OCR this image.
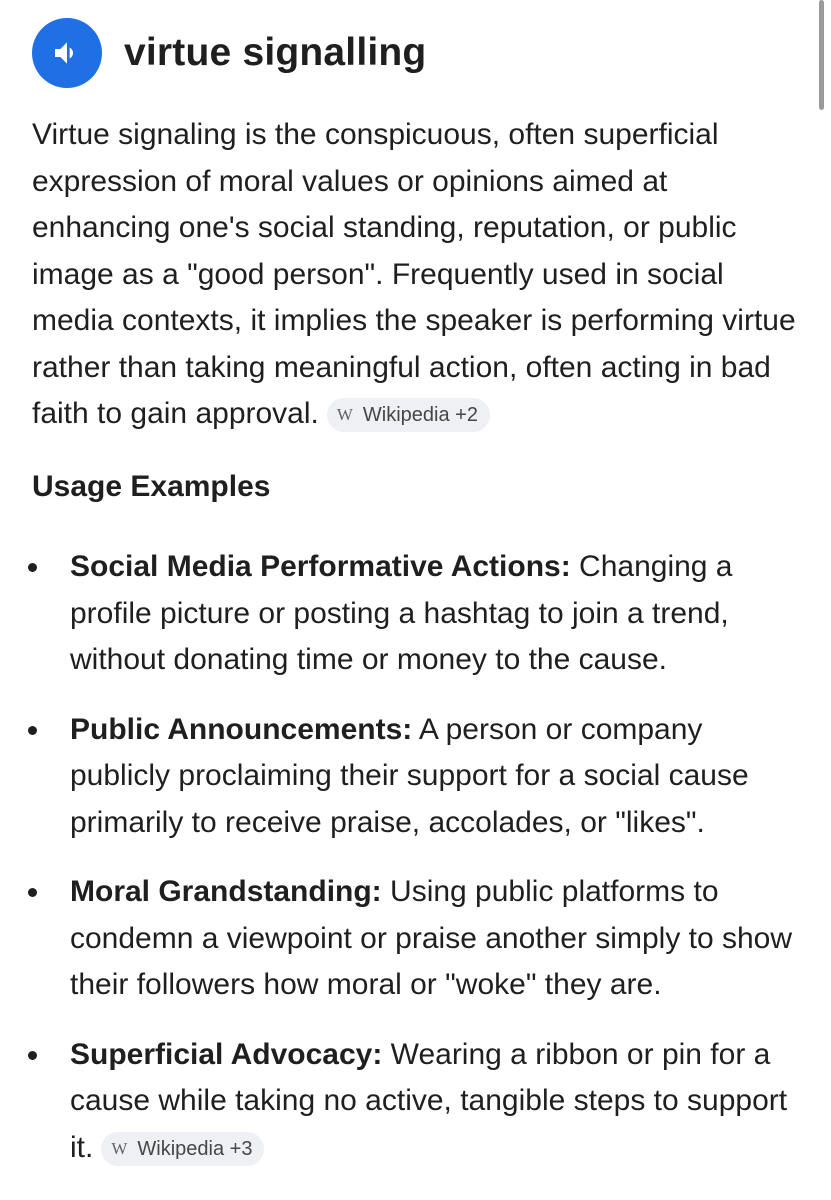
virtue signalling

Virtue signaling is the conspicuous, often superficial expression of moral values or opinions aimed at enhancing one's social standing, reputation, or public image as a "good person". Frequently used in social media contexts, it implies the speaker is performing virtue rather than taking meaningful action, often acting in bad faith to gain approval. W Wikipedia +2

Usage Examples
Social Media Performative Actions: Changing a profile picture or posting a hashtag to join a trend, without donating time or money to the cause.
Public Announcements: A person or company publicly proclaiming their support for a social cause primarily to receive praise, accolades, or "likes".
Moral Grandstanding: Using public platforms to condemn a viewpoint or praise another simply to show their followers how moral or "woke" they are.
Superficial Advocacy: Wearing a ribbon or pin for a cause while taking no active, tangible steps to support it. W Wikipedia +3
